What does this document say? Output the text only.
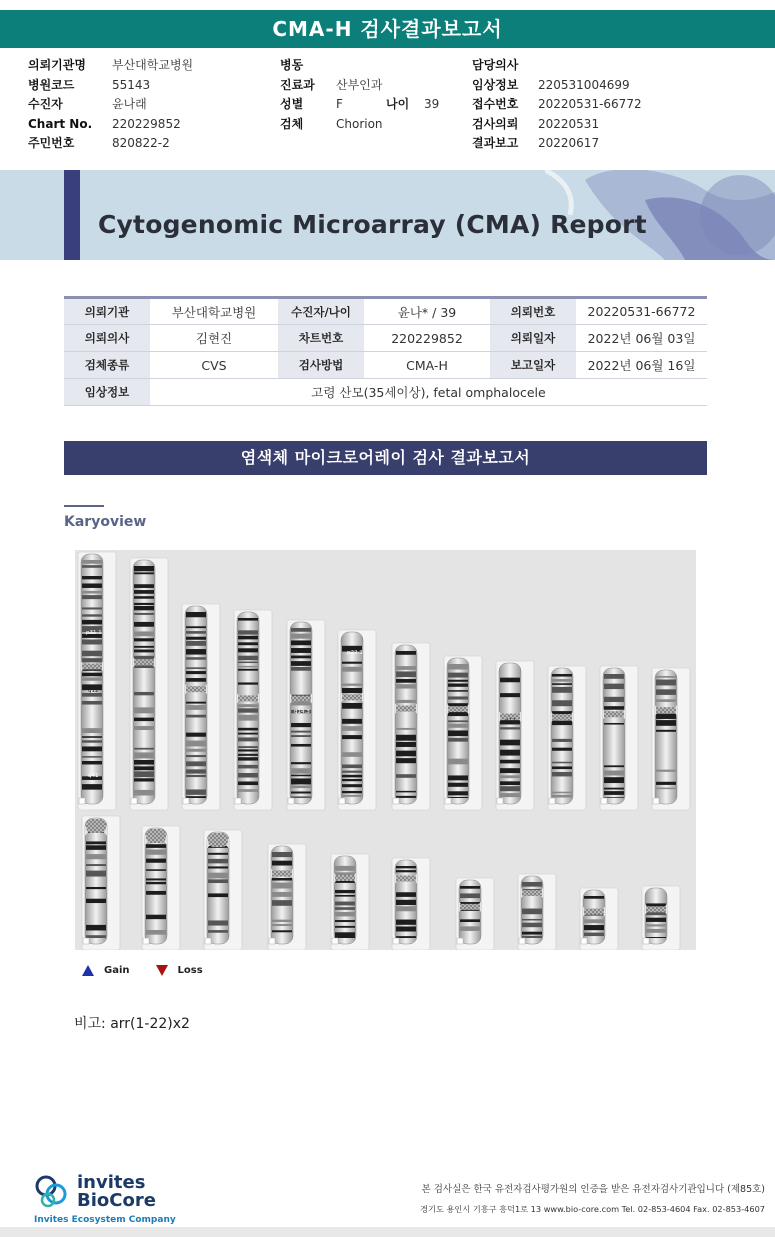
CMA-H 검사결과보고서
의뢰기관명	부산대학교병원
병원코드	55143
수진자	윤나래
Chart No.	220229852
주민번호	820822-2
병동
진료과	산부인과
성별	F	나이	39
검체	Chorion
담당의사
임상정보	220531004699
접수번호	20220531-66772
검사의뢰	20220531
결과보고	20220617
Cytogenomic Microarray (CMA) Report
의뢰기관	부산대학교병원	수진자/나이	윤나* / 39	의뢰번호	20220531-66772
의뢰의사	김현진	차트번호	220229852	의뢰일자	2022년 06월 03일
검체종류	CVS	검사방법	CMA-H	보고일자	2022년 06월 16일
임상정보	고령 산모(35세이상), fetal omphalocele				
염색체 마이크로어레이 검사 결과보고서
Karyoview
p31.1
q12
q41
q14.3
p22.3
q12
Gain	Loss
비고: arr(1-22)x2
invites
BioCore
Invites Ecosystem Company
본 검사실은 한국 유전자검사평가원의 인증을 받은 유전자검사기관입니다 (제85호)
경기도 용인시 기흥구 흥덕1로 13 www.bio-core.com Tel. 02-853-4604 Fax. 02-853-4607
